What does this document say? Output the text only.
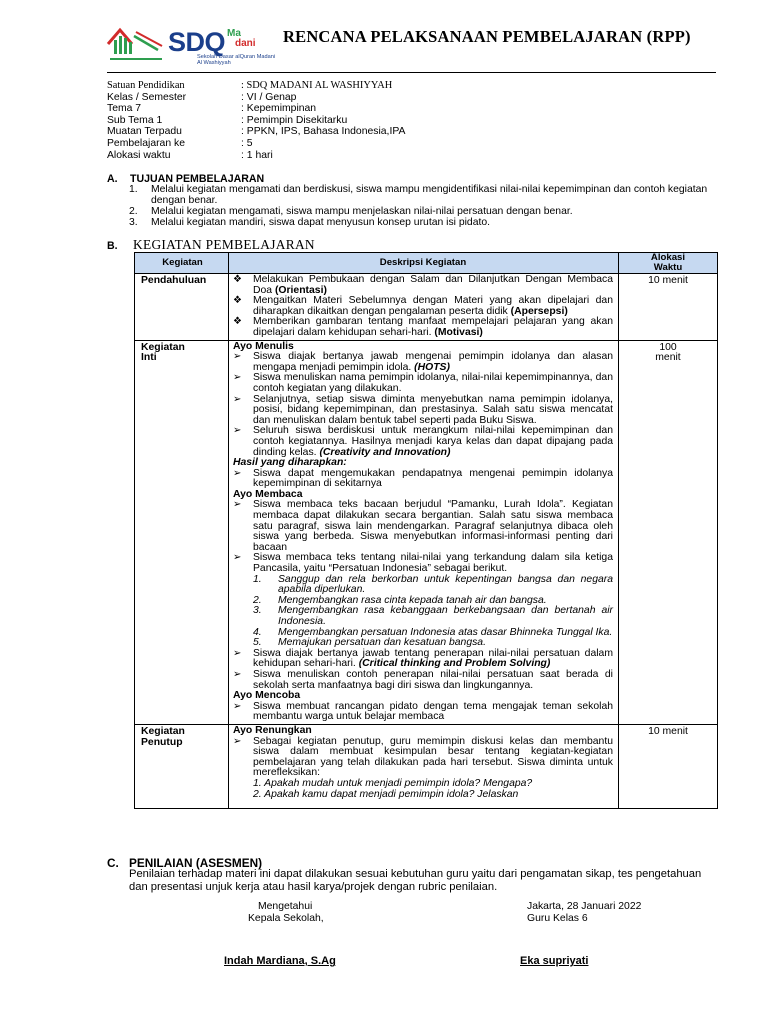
SDQ Ma
dani
Sekolah Dasar alQuran Madani
Al Washiyyah
RENCANA PELAKSANAAN PEMBELAJARAN (RPP)
Satuan Pendidikan	: SDQ MADANI AL WASHIYYAH
Kelas / Semester	: VI / Genap
Tema 7	: Kepemimpinan
Sub Tema 1	: Pemimpin Disekitarku
Muatan Terpadu	: PPKN, IPS, Bahasa Indonesia,IPA
Pembelajaran ke	: 5
Alokasi waktu	: 1 hari
A. TUJUAN PEMBELAJARAN
1.	Melalui kegiatan mengamati dan berdiskusi, siswa mampu mengidentifikasi nilai-nilai kepemimpinan dan contoh kegiatan dengan benar.
2.	Melalui kegiatan mengamati, siswa mampu menjelaskan nilai-nilai persatuan dengan benar.
3.	Melalui kegiatan mandiri, siswa dapat menyusun konsep urutan isi pidato.
B. KEGIATAN PEMBELAJARAN
Kegiatan	Deskripsi Kegiatan	Alokasi
Waktu
Pendahuluan	❖	Melakukan Pembukaan dengan Salam dan Dilanjutkan Dengan Membaca Doa (Orientasi)
❖	Mengaitkan Materi Sebelumnya dengan Materi yang akan dipelajari dan diharapkan dikaitkan dengan pengalaman peserta didik (Apersepsi)
❖	Memberikan gambaran tentang manfaat mempelajari pelajaran yang akan dipelajari dalam kehidupan sehari-hari. (Motivasi)
10 menit
Kegiatan
Inti
Ayo Menulis
➢	Siswa diajak bertanya jawab mengenai pemimpin idolanya dan alasan mengapa menjadi pemimpin idola. (HOTS)
➢	Siswa menuliskan nama pemimpin idolanya, nilai-nilai kepemimpinannya, dan contoh kegiatan yang dilakukan.
➢	Selanjutnya, setiap siswa diminta menyebutkan nama pemimpin idolanya, posisi, bidang kepemimpinan, dan prestasinya. Salah satu siswa mencatat dan menuliskan dalam bentuk tabel seperti pada Buku Siswa.
➢	Seluruh siswa berdiskusi untuk merangkum nilai-nilai kepemimpinan dan contoh kegiatannya. Hasilnya menjadi karya kelas dan dapat dipajang pada dinding kelas. (Creativity and Innovation)
Hasil yang diharapkan:
➢	Siswa dapat mengemukakan pendapatnya mengenai pemimpin idolanya kepemimpinan di sekitarnya
Ayo Membaca
➢	Siswa membaca teks bacaan berjudul “Pamanku, Lurah Idola”. Kegiatan membaca dapat dilakukan secara bergantian. Salah satu siswa membaca satu paragraf, siswa lain mendengarkan. Paragraf selanjutnya dibaca oleh siswa yang berbeda. Siswa menyebutkan informasi-informasi penting dari bacaan
➢	Siswa membaca teks tentang nilai-nilai yang terkandung dalam sila ketiga Pancasila, yaitu “Persatuan Indonesia” sebagai berikut.
1.	Sanggup dan rela berkorban untuk kepentingan bangsa dan negara apabila diperlukan.
2.	Mengembangkan rasa cinta kepada tanah air dan bangsa.
3.	Mengembangkan rasa kebanggaan berkebangsaan dan bertanah air Indonesia.
4.	Mengembangkan persatuan Indonesia atas dasar Bhinneka Tunggal Ika.
5.	Memajukan persatuan dan kesatuan bangsa.
➢	Siswa diajak bertanya jawab tentang penerapan nilai-nilai persatuan dalam kehidupan sehari-hari. (Critical thinking and Problem Solving)
➢	Siswa menuliskan contoh penerapan nilai-nilai persatuan saat berada di sekolah serta manfaatnya bagi diri siswa dan lingkungannya.
Ayo Mencoba
➢	Siswa membuat rancangan pidato dengan tema mengajak teman sekolah membantu warga untuk belajar membaca
100
menit
Kegiatan
Penutup
Ayo Renungkan
➢	Sebagai kegiatan penutup, guru memimpin diskusi kelas dan membantu siswa dalam membuat kesimpulan besar tentang kegiatan-kegiatan pembelajaran yang telah dilakukan pada hari tersebut. Siswa diminta untuk merefleksikan:
1. Apakah mudah untuk menjadi pemimpin idola? Mengapa?
2. Apakah kamu dapat menjadi pemimpin idola? Jelaskan
10 menit
C. PENILAIAN (ASESMEN)
Penilaian terhadap materi ini dapat dilakukan sesuai kebutuhan guru yaitu dari pengamatan sikap, tes pengetahuan dan presentasi unjuk kerja atau hasil karya/projek dengan rubric penilaian.
Mengetahui
Kepala Sekolah,
Jakarta, 28 Januari 2022
Guru Kelas 6
Indah Mardiana, S.Ag	Eka supriyati
